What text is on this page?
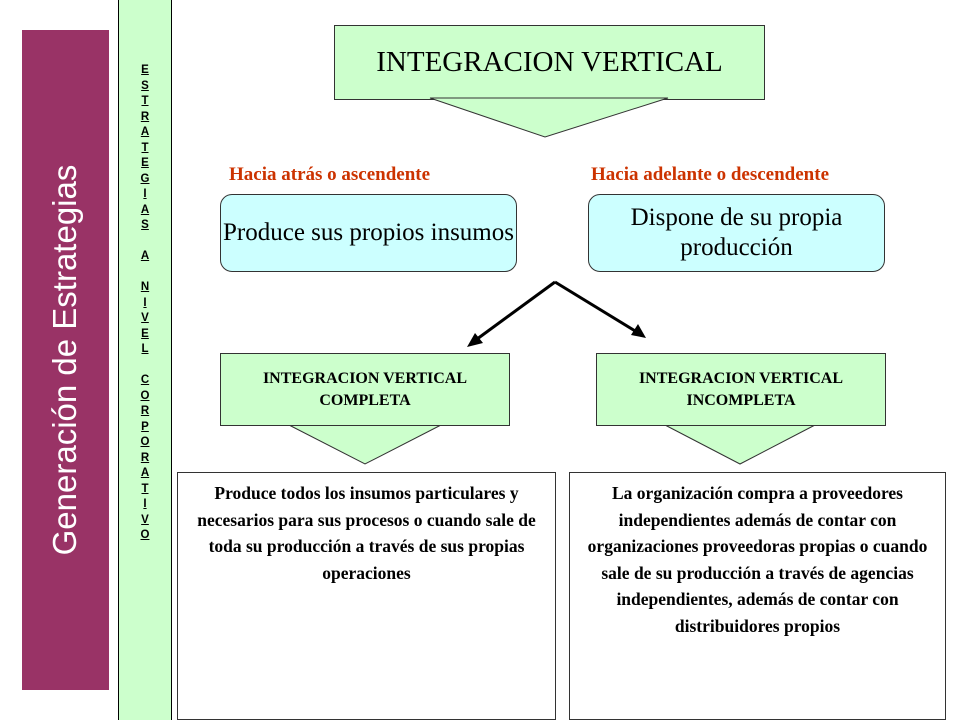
Generación de Estrategias
E
S
T
R
A
T
E
G
I
A
S
A
N
I
V
E
L
C
O
R
P
O
R
A
T
I
V
O
INTEGRACION VERTICAL
Hacia atrás o ascendente	Hacia adelante o descendente
Produce sus propios insumos
Dispone de su propia producción
INTEGRACION VERTICAL COMPLETA
INTEGRACION VERTICAL INCOMPLETA
Produce todos los insumos particulares y necesarios para sus procesos o cuando sale de toda su producción a través de sus propias operaciones
La organización compra a proveedores independientes además de contar con organizaciones proveedoras propias o cuando sale de su producción a través de agencias independientes, además de contar con distribuidores propios
